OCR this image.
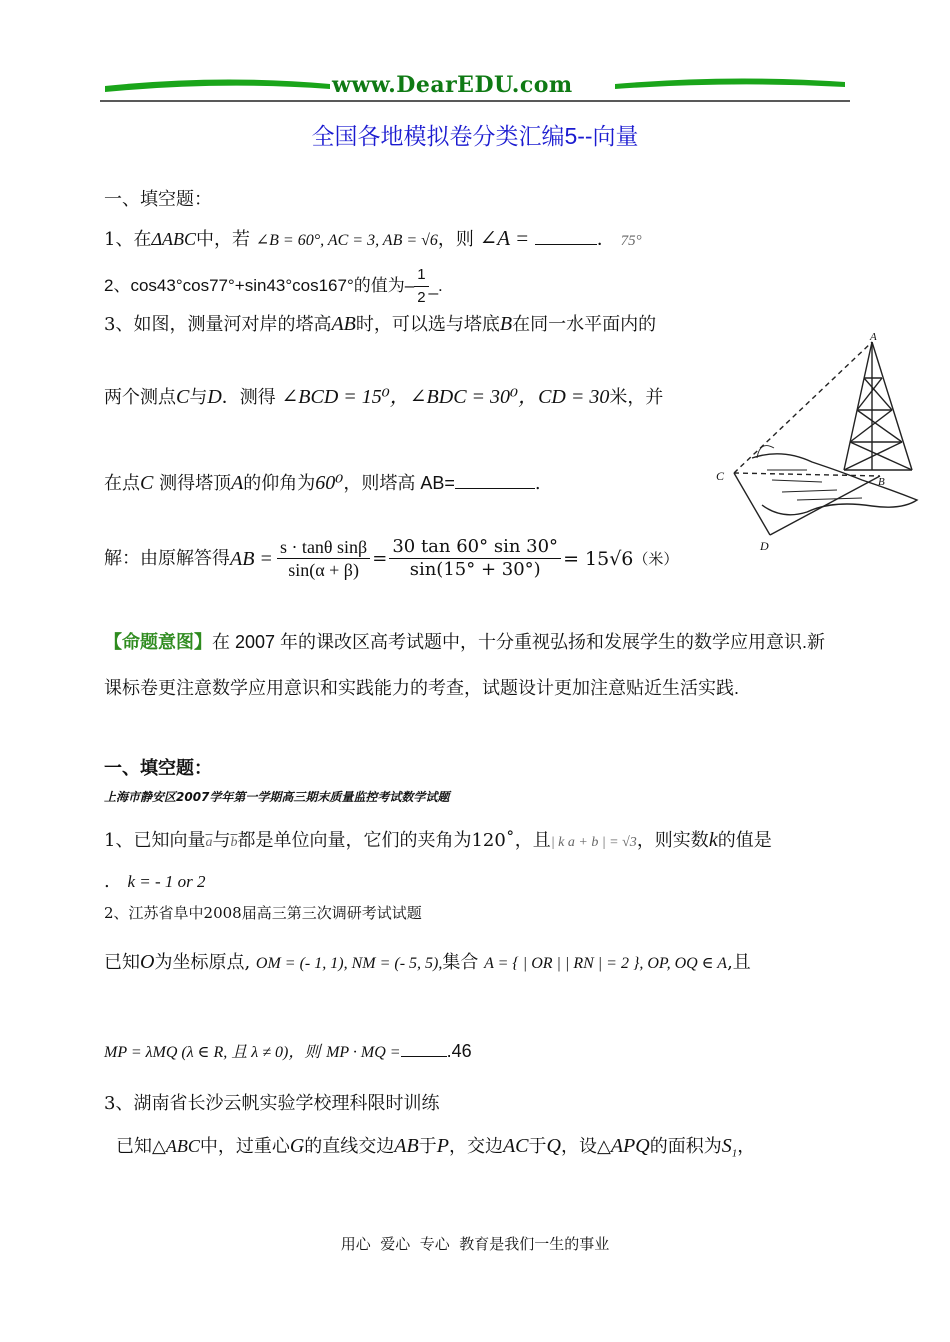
www.DearEDU.com
全国各地模拟卷分类汇编5--向量
一、填空题：
1、在ΔABC中，若 ∠B = 60°, AC = 3, AB = √6，则 ∠A =	． 75°
2、cos43°cos77°+sin43°cos167°的值为– $\frac{1}{2}$ _.
3、如图，测量河对岸的塔高AB时，可以选与塔底B在同一水平面内的
两个测点C与D．测得 ∠BCD = 15⁰，∠BDC = 30⁰，CD = 30米，并
在点C 测得塔顶A的仰角为60⁰，则塔高 AB=	.
A
B
C
D
解：由原解答得 AB = $\frac{\text{s · tanθ sinβ}}{\sin(\alpha + \beta)} = \frac{30 \tan 60^\circ \sin 30^\circ}{\sin(15^\circ + 30^\circ)} = 15√6$ （米）
【命题意图】在 2007 年的课改区高考试题中，十分重视弘扬和发展学生的数学应用意识.新
课标卷更注意数学应用意识和实践能力的考查，试题设计更加注意贴近生活实践.
一、填空题：
上海市静安区2007学年第一学期高三期末质量监控考试数学试题
1、已知向量$\overline{a}$与$\overline{b}$都是单位向量，它们的夹角为120˚，且| k a + b | = √3，则实数k的值是
. k = - 1 or 2
2、江苏省阜中2008届高三第三次调研考试试题
已知O为坐标原点, OM = (- 1, 1), NM = (- 5, 5),集合 A = { | OR | | RN | = 2 }, OP, OQ ∈ A,且
MP = λMQ (λ ∈ R, 且 λ ≠ 0)，则 MP · MQ =	.46
3、湖南省长沙云帆实验学校理科限时训练
已知△ABC中，过重心G的直线交边AB于P，交边AC于Q，设△APQ的面积为$S_1$，
用心  爱心  专心  教育是我们一生的事业
